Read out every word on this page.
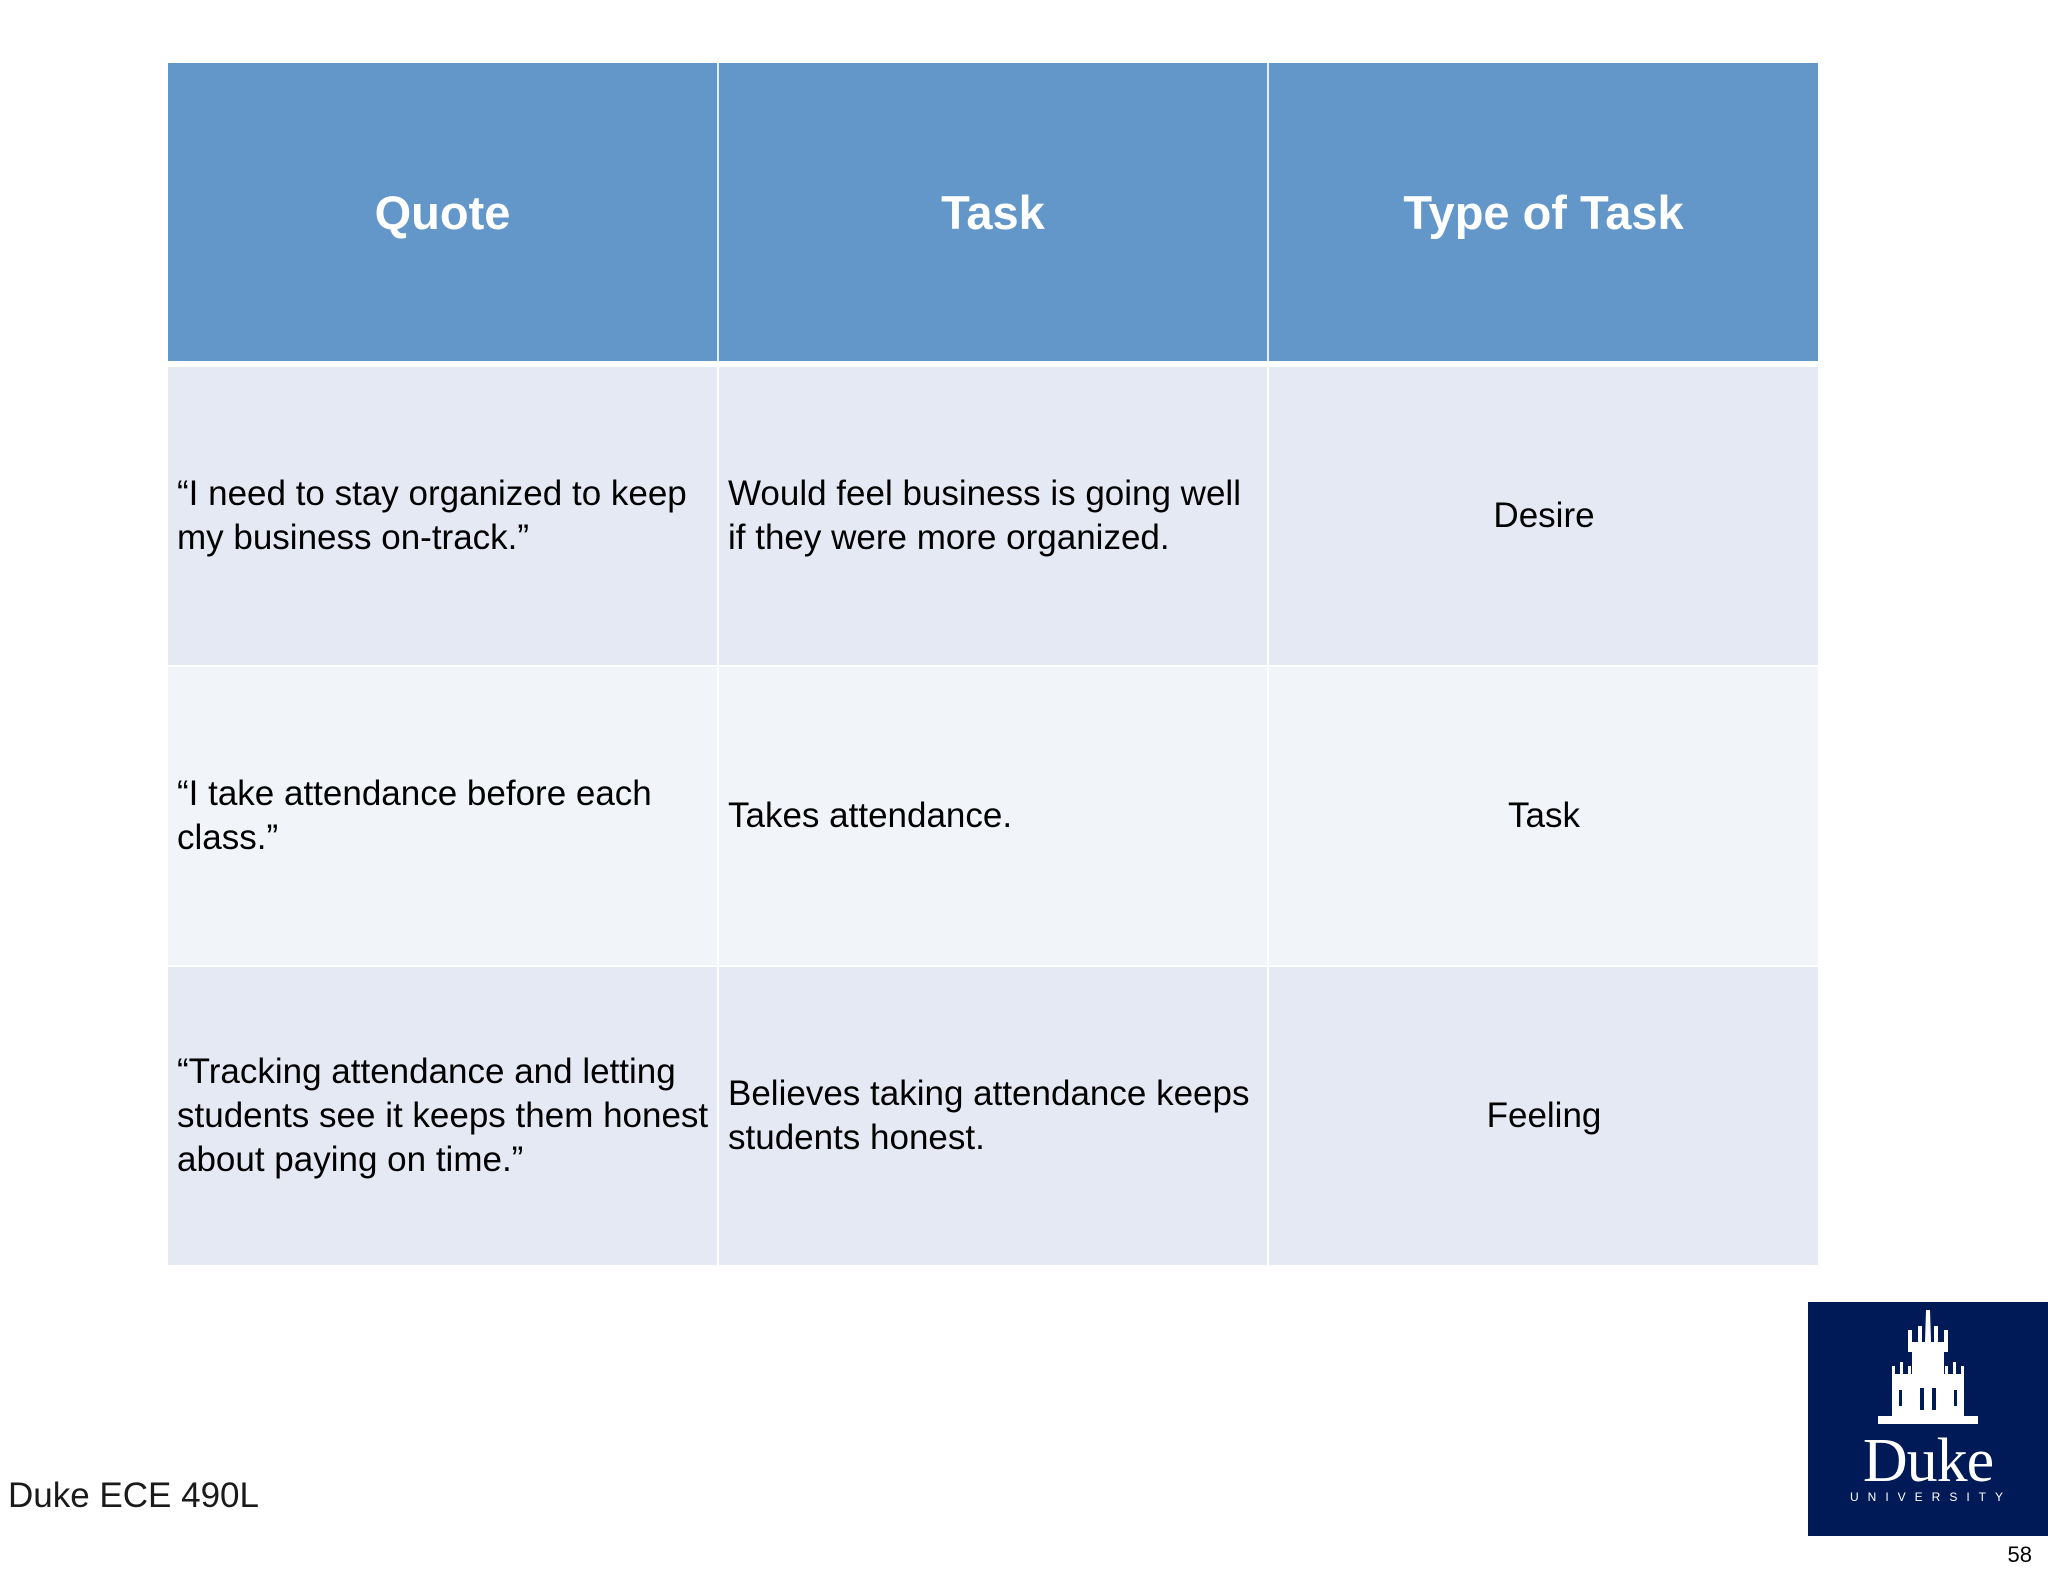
Quote	Task	Type of Task
“I need to stay organized to keep my business on-track.”	Would feel business is going well if they were more organized.	Desire
“I take attendance before each class.”	Takes attendance.	Task
“Tracking attendance and letting students see it keeps them honest about paying on time.”	Believes taking attendance keeps students honest.	Feeling
Duke ECE 490L
Duke
UNIVERSITY
58
